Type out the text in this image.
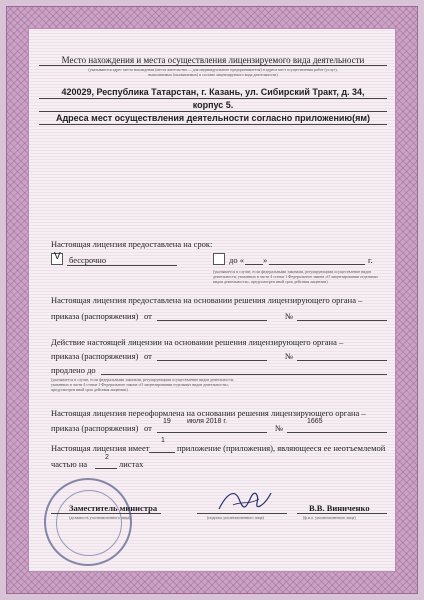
Место нахождения и места осуществления лицензируемого вида деятельности
(указываются адрес места нахождения (места жительства — для индивидуального предпринимателя) и адреса мест осуществления работ (услуг),
выполняемых (оказываемых) в составе лицензируемого вида деятельности)
420029, Республика Татарстан, г. Казань, ул. Сибирский Тракт, д. 34,
корпус 5.
Адреса мест осуществления деятельности согласно приложению(ям)
Настоящая лицензия предоставлена на срок:
V бессрочно	до « »	г.
(указывается в случае, если федеральными законами, регулирующими осуществление видов деятельности, указанных в части 4 статьи 1 Федерального закона «О лицензировании отдельных видов деятельности», предусмотрен иной срок действия лицензии)
Настоящая лицензия предоставлена на основании решения лицензирующего органа –
приказа (распоряжения) от	№
Действие настоящей лицензии на основании решения лицензирующего органа –
приказа (распоряжения) от	№
продлено до
(указывается в случае, если федеральными законами, регулирующими осуществление видов деятельности, указанных в части 4 статьи 1 Федерального закона «О лицензировании отдельных видов деятельности», предусмотрен иной срок действия лицензии)
Настоящая лицензия переоформлена на основании решения лицензирующего органа –
приказа (распоряжения) от
19 июля 2018 г.
№
1665
Настоящая лицензия имеет
1
приложение (приложения), являющееся ее неотъемлемой
частью на
2
листах
Заместитель министра
(должность уполномоченного лица)	(подпись уполномоченного лица)
В.В. Виниченко
(ф.и.о. уполномоченного лица)
